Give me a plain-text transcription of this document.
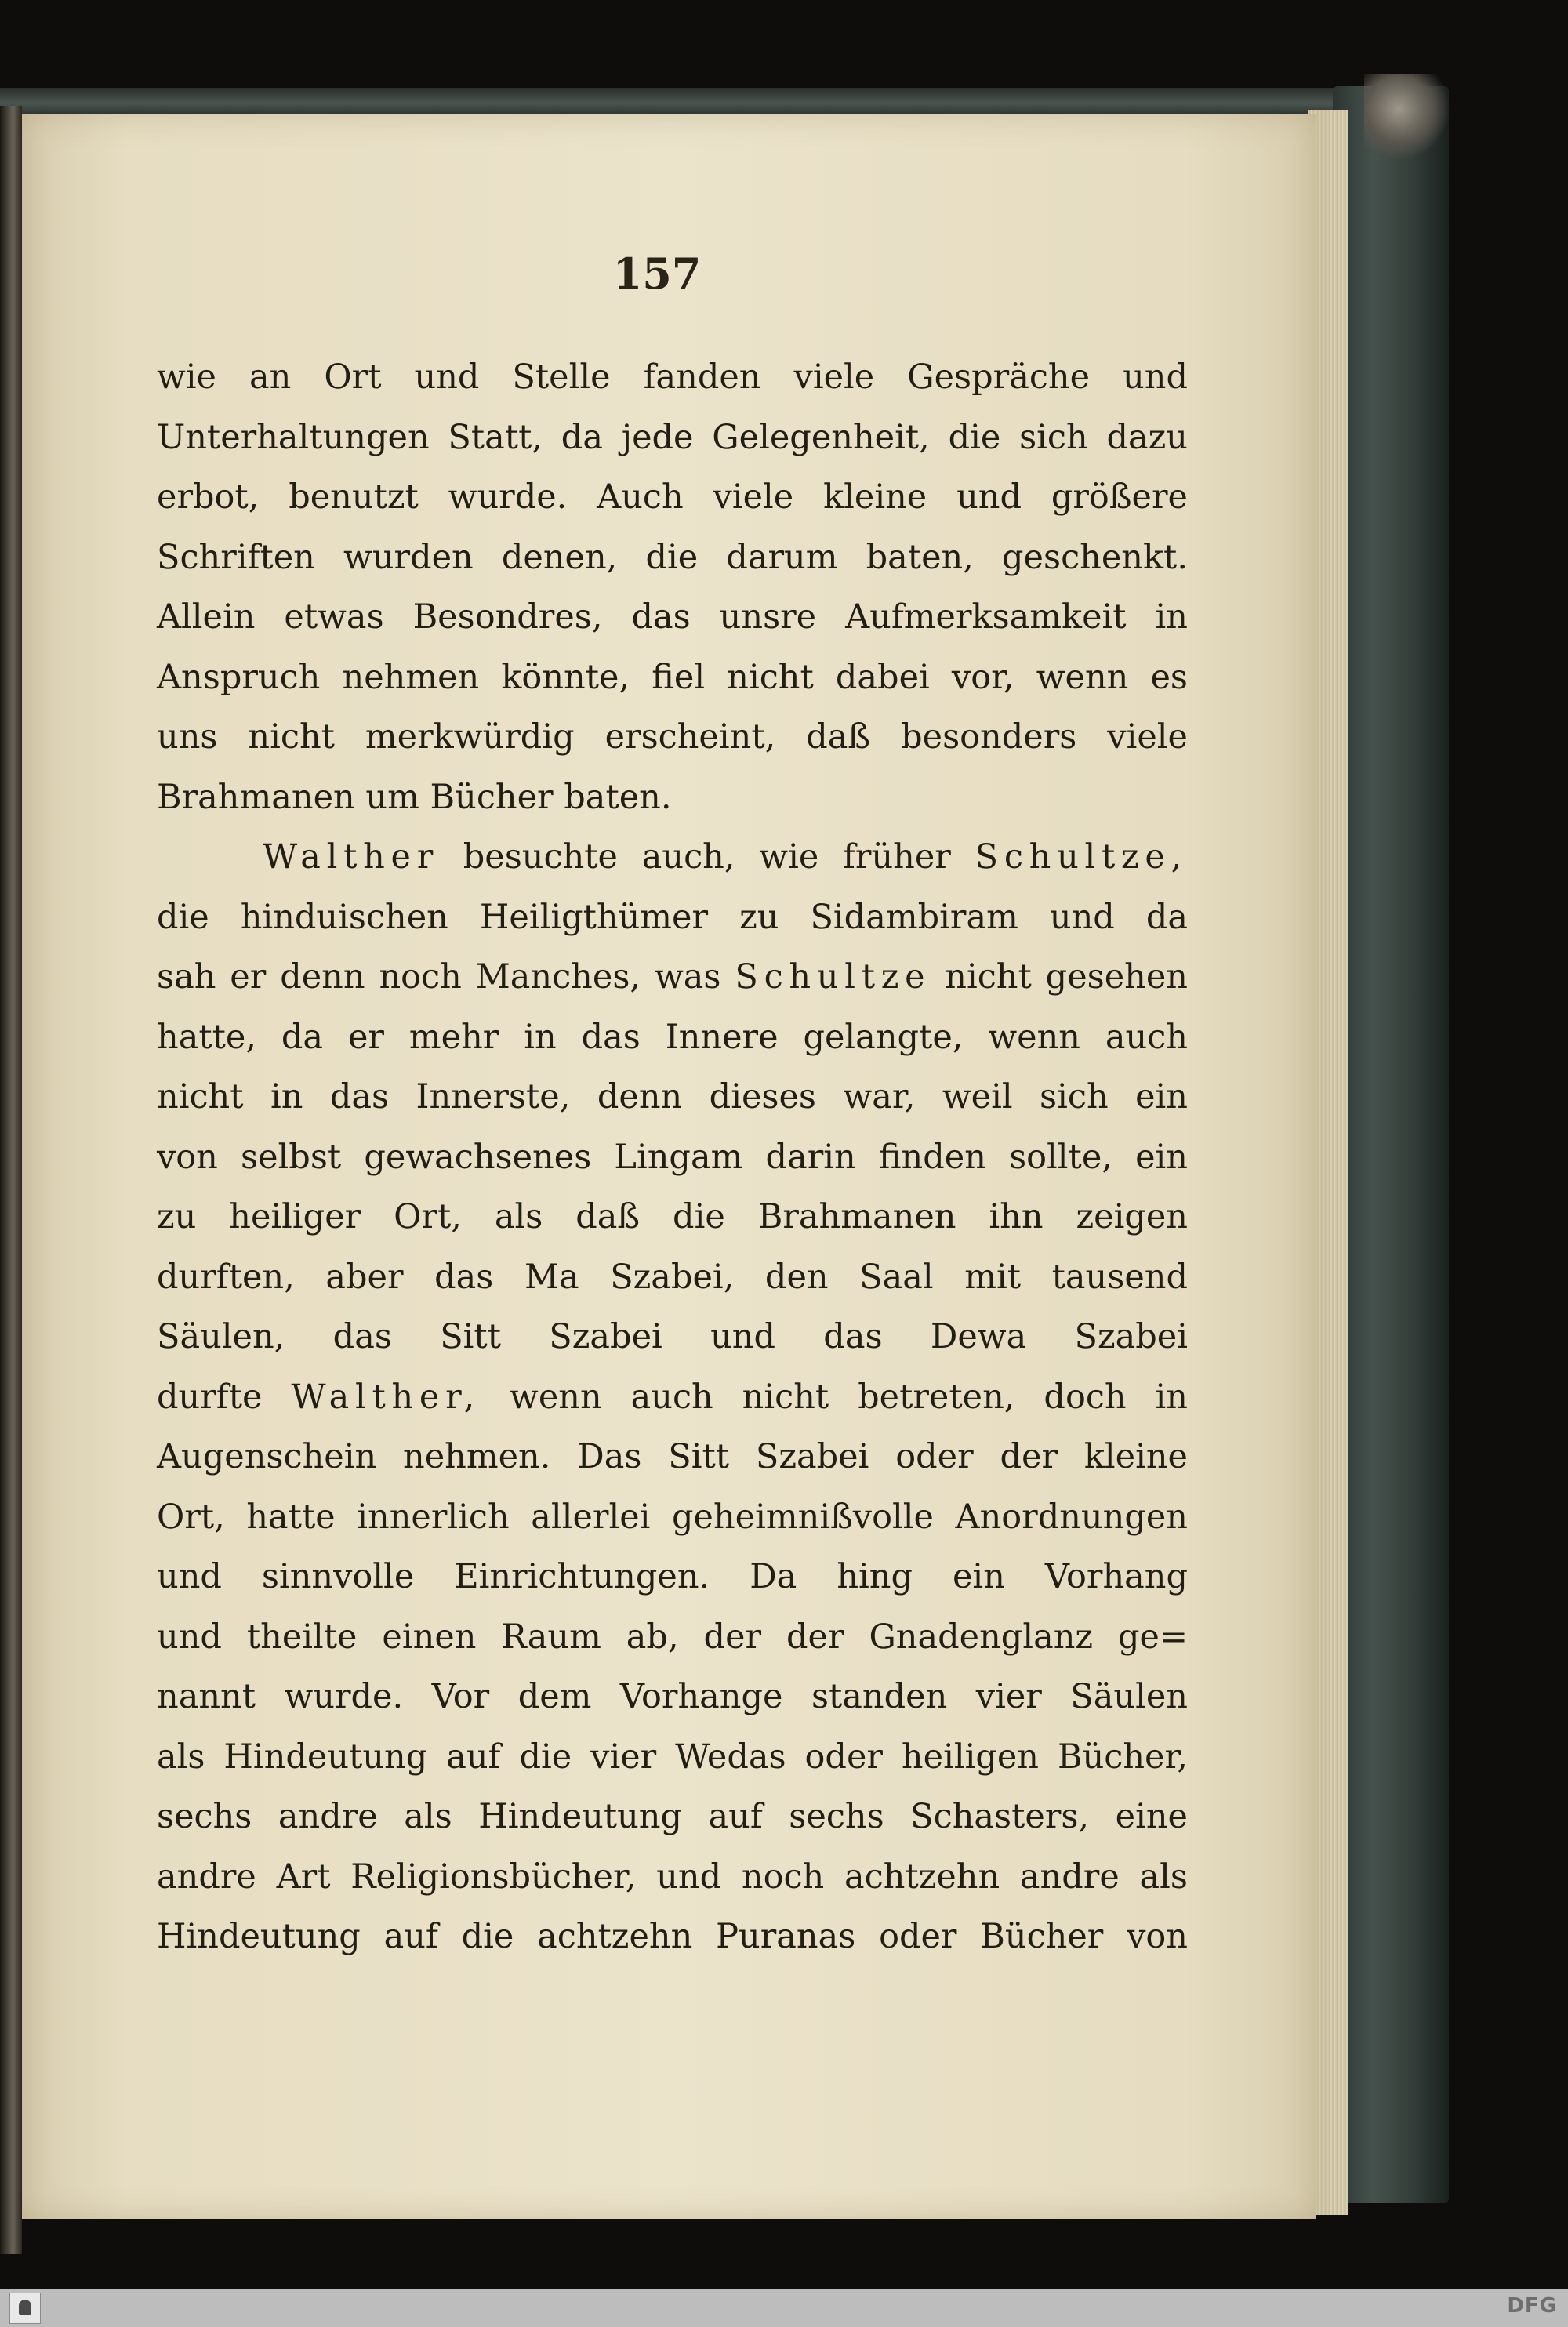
157
wie an Ort und Stelle fanden viele Gespräche und
Unterhaltungen Statt, da jede Gelegenheit, die sich dazu
erbot, benutzt wurde. Auch viele kleine und größere
Schriften wurden denen, die darum baten, geschenkt.
Allein etwas Besondres, das unsre Aufmerksamkeit in
Anspruch nehmen könnte, fiel nicht dabei vor, wenn es
uns nicht merkwürdig erscheint, daß besonders viele
Brahmanen um Bücher baten.
Walther besuchte auch, wie früher Schultze,
die hinduischen Heiligthümer zu Sidambiram und da
sah er denn noch Manches, was Schultze nicht gesehen
hatte, da er mehr in das Innere gelangte, wenn auch
nicht in das Innerste, denn dieses war, weil sich ein
von selbst gewachsenes Lingam darin finden sollte, ein
zu heiliger Ort, als daß die Brahmanen ihn zeigen
durften, aber das Ma Szabei, den Saal mit tausend
Säulen, das Sitt Szabei und das Dewa Szabei
durfte Walther, wenn auch nicht betreten, doch in
Augenschein nehmen. Das Sitt Szabei oder der kleine
Ort, hatte innerlich allerlei geheimnißvolle Anordnungen
und sinnvolle Einrichtungen. Da hing ein Vorhang
und theilte einen Raum ab, der der Gnadenglanz ge=
nannt wurde. Vor dem Vorhange standen vier Säulen
als Hindeutung auf die vier Wedas oder heiligen Bücher,
sechs andre als Hindeutung auf sechs Schasters, eine
andre Art Religionsbücher, und noch achtzehn andre als
Hindeutung auf die achtzehn Puranas oder Bücher von
DFG
